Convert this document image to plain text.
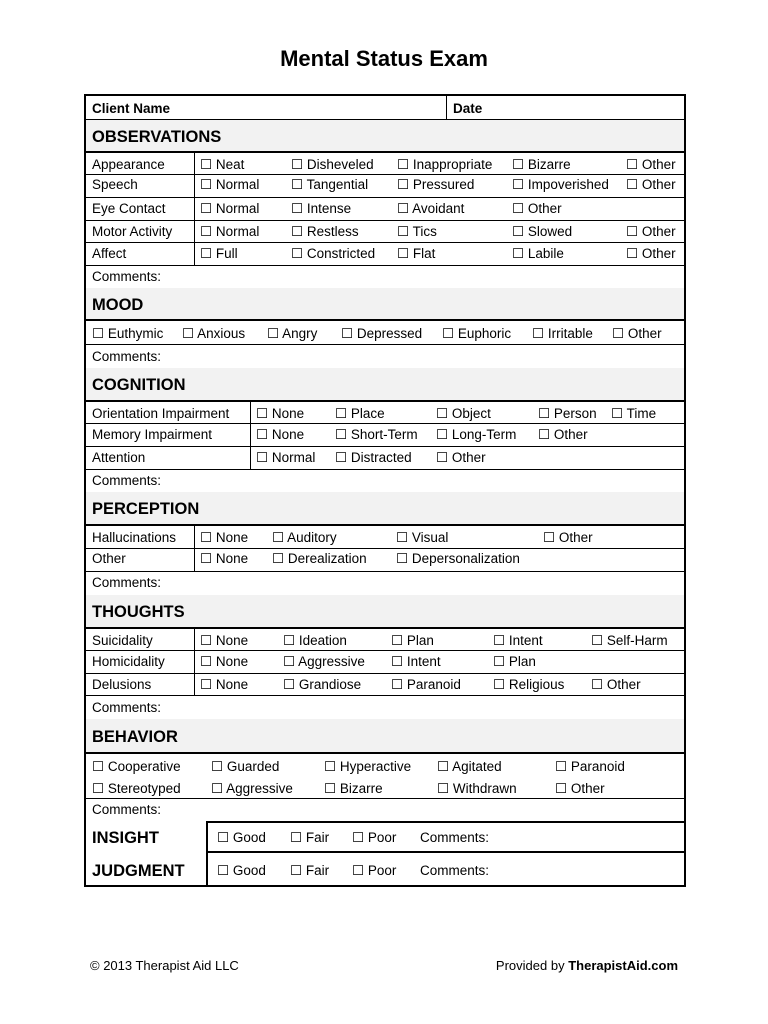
Mental Status Exam
Client Name	Date
OBSERVATIONS
Appearance	☐ Neat	☐ Disheveled ☐ Inappropriate ☐ Bizarre	☐ Other
Speech	☐ Normal ☐ Tangential ☐ Pressured	☐ Impoverished ☐ Other
Eye Contact	☐ Normal ☐ Intense	☐ Avoidant	☐ Other
Motor Activity ☐ Normal ☐ Restless	☐ Tics	☐ Slowed	☐ Other
Affect	☐ Full	☐ Constricted ☐ Flat	☐ Labile	☐ Other
Comments:
MOOD
☐ Euthymic ☐ Anxious ☐ Angry ☐ Depressed ☐ Euphoric ☐ Irritable ☐ Other
Comments:
COGNITION
Orientation Impairment ☐ None ☐ Place	☐ Object	☐ Person ☐ Time
Memory Impairment	☐ None ☐ Short-Term ☐ Long-Term ☐ Other
Attention	☐ Normal ☐ Distracted ☐ Other
Comments:
PERCEPTION
Hallucinations ☐ None ☐ Auditory	☐ Visual	☐ Other
Other	☐ None ☐ Derealization ☐ Depersonalization
Comments:
THOUGHTS
Suicidality	☐ None	☐ Ideation	☐ Plan	☐ Intent	☐ Self-Harm
Homicidality	☐ None	☐ Aggressive ☐ Intent	☐ Plan
Delusions	☐ None	☐ Grandiose ☐ Paranoid ☐ Religious ☐ Other
Comments:
BEHAVIOR
☐ Cooperative ☐ Guarded	☐ Hyperactive ☐ Agitated	☐ Paranoid
☐ Stereotyped ☐ Aggressive ☐ Bizarre	☐ Withdrawn	☐ Other
Comments:
INSIGHT	☐ Good ☐ Fair ☐ Poor Comments:
JUDGMENT ☐ Good ☐ Fair ☐ Poor Comments:
© 2013 Therapist Aid LLC	Provided by TherapistAid.com
